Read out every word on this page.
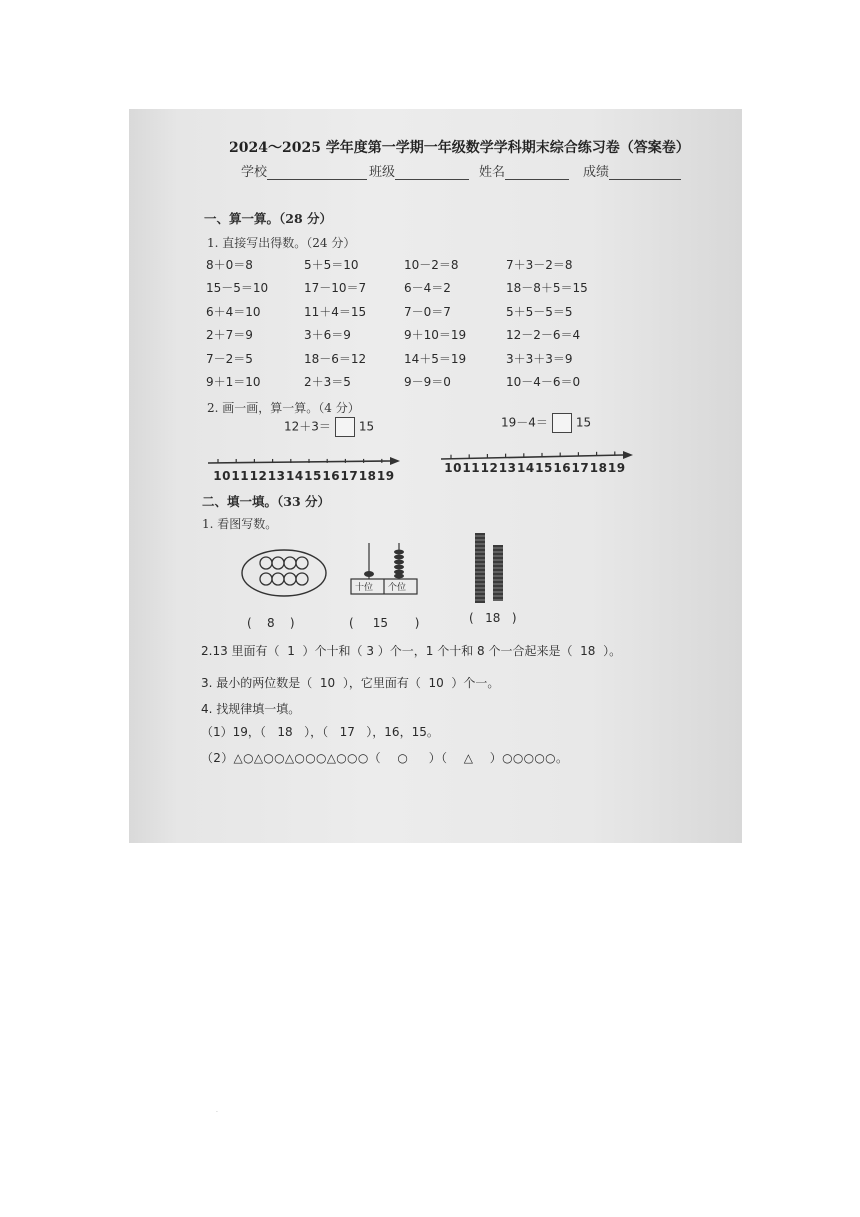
2024～2025 学年度第一学期一年级数学学科期末综合练习卷（答案卷）
学校	班级	姓名	成绩
一、算一算。（28 分）
1. 直接写出得数。（24 分）
8＋0＝8	5＋5＝10	10－2＝8	7＋3－2＝8
15－5＝10	17－10＝7	6－4＝2	18－8＋5＝15
6＋4＝10	11＋4＝15	7－0＝7	5＋5－5＝5
2＋7＝9	3＋6＝9	9＋10＝19	12－2－6＝4
7－2＝5	18－6＝12	14＋5＝19	3＋3＋3＝9
9＋1＝10	2＋3＝5	9－9＝0	10－4－6＝0
2. 画一画，算一算。（4 分）
12＋3＝ 15	19－4＝ 15
10111213141516171819
10111213141516171819
二、填一填。（33 分）
1. 看图写数。
十位 个位
(    8    )	(     15       )	(   18   )
2.13 里面有（ 1 ）个十和（ 3 ）个一，1 个十和 8 个一合起来是（ 18 ）。
3. 最小的两位数是（ 10 ），它里面有（ 10 ）个一。
4. 找规律填一填。
（1）19，（ 18 ），（ 17 ），16，15。
（2）△○△○○△○○○△○○○（ ○ ）（ △ ）○○○○○。
·
